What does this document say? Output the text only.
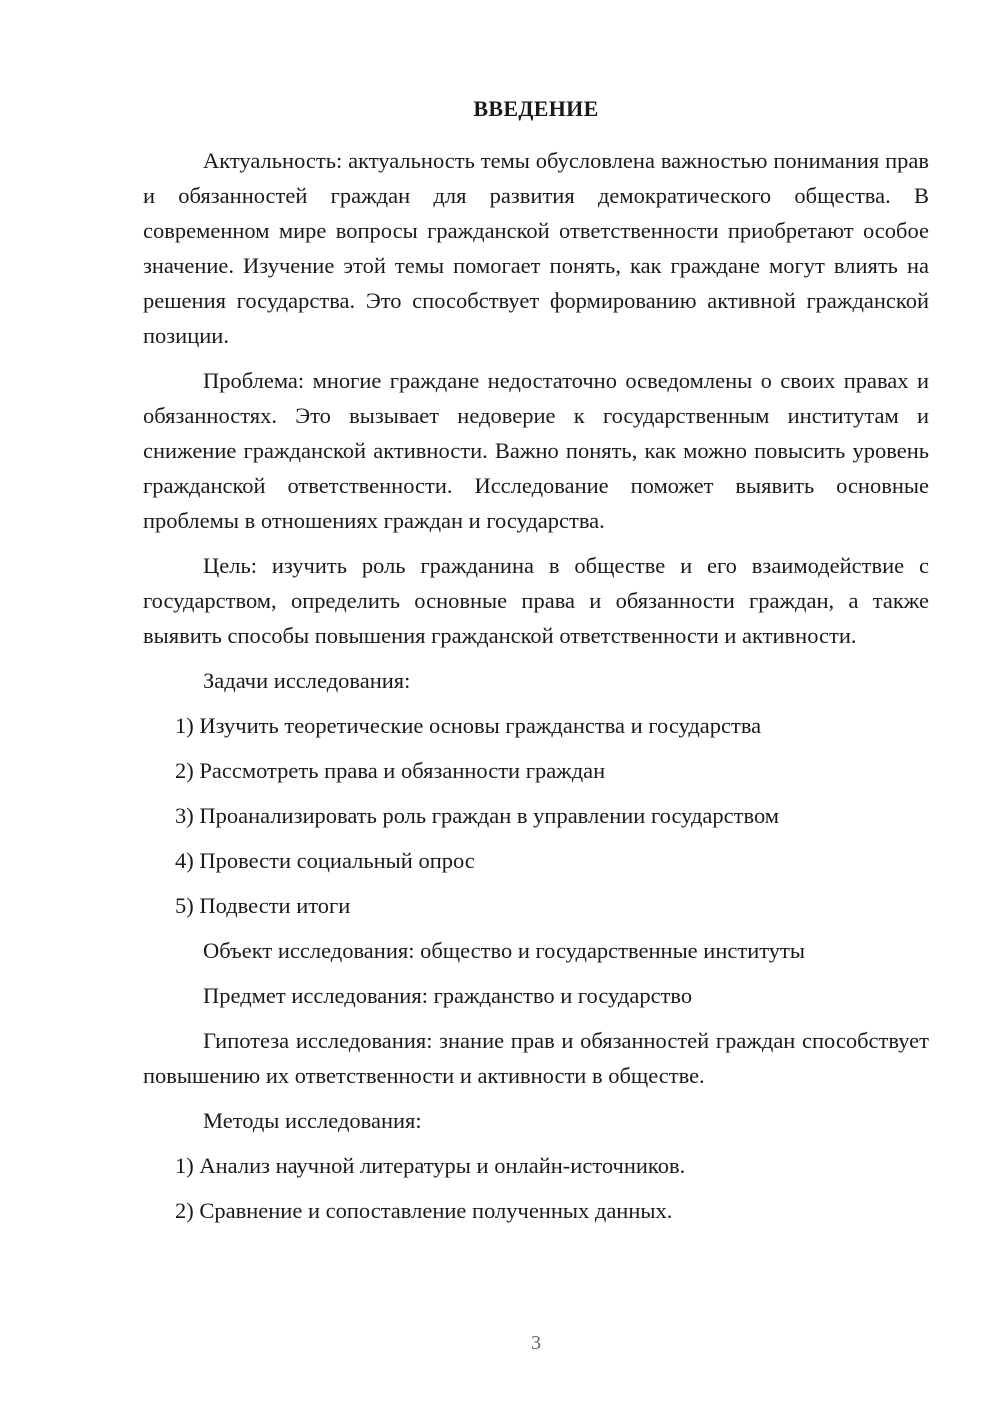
ВВЕДЕНИЕ

Актуальность: актуальность темы обусловлена важностью понимания прав и обязанностей граждан для развития демократического общества. В современном мире вопросы гражданской ответственности приобретают особое значение. Изучение этой темы помогает понять, как граждане могут влиять на решения государства. Это способствует формированию активной гражданской позиции.

Проблема: многие граждане недостаточно осведомлены о своих правах и обязанностях. Это вызывает недоверие к государственным институтам и снижение гражданской активности. Важно понять, как можно повысить уровень гражданской ответственности. Исследование поможет выявить основные проблемы в отношениях граждан и государства.

Цель: изучить роль гражданина в обществе и его взаимодействие с государством, определить основные права и обязанности граждан, а также выявить способы повышения гражданской ответственности и активности.

Задачи исследования:

1) Изучить теоретические основы гражданства и государства

2) Рассмотреть права и обязанности граждан

3) Проанализировать роль граждан в управлении государством

4) Провести социальный опрос

5) Подвести итоги

Объект исследования: общество и государственные институты

Предмет исследования: гражданство и государство

Гипотеза исследования: знание прав и обязанностей граждан способствует повышению их ответственности и активности в обществе.

Методы исследования:

1) Анализ научной литературы и онлайн-источников.

2) Сравнение и сопоставление полученных данных.

3
